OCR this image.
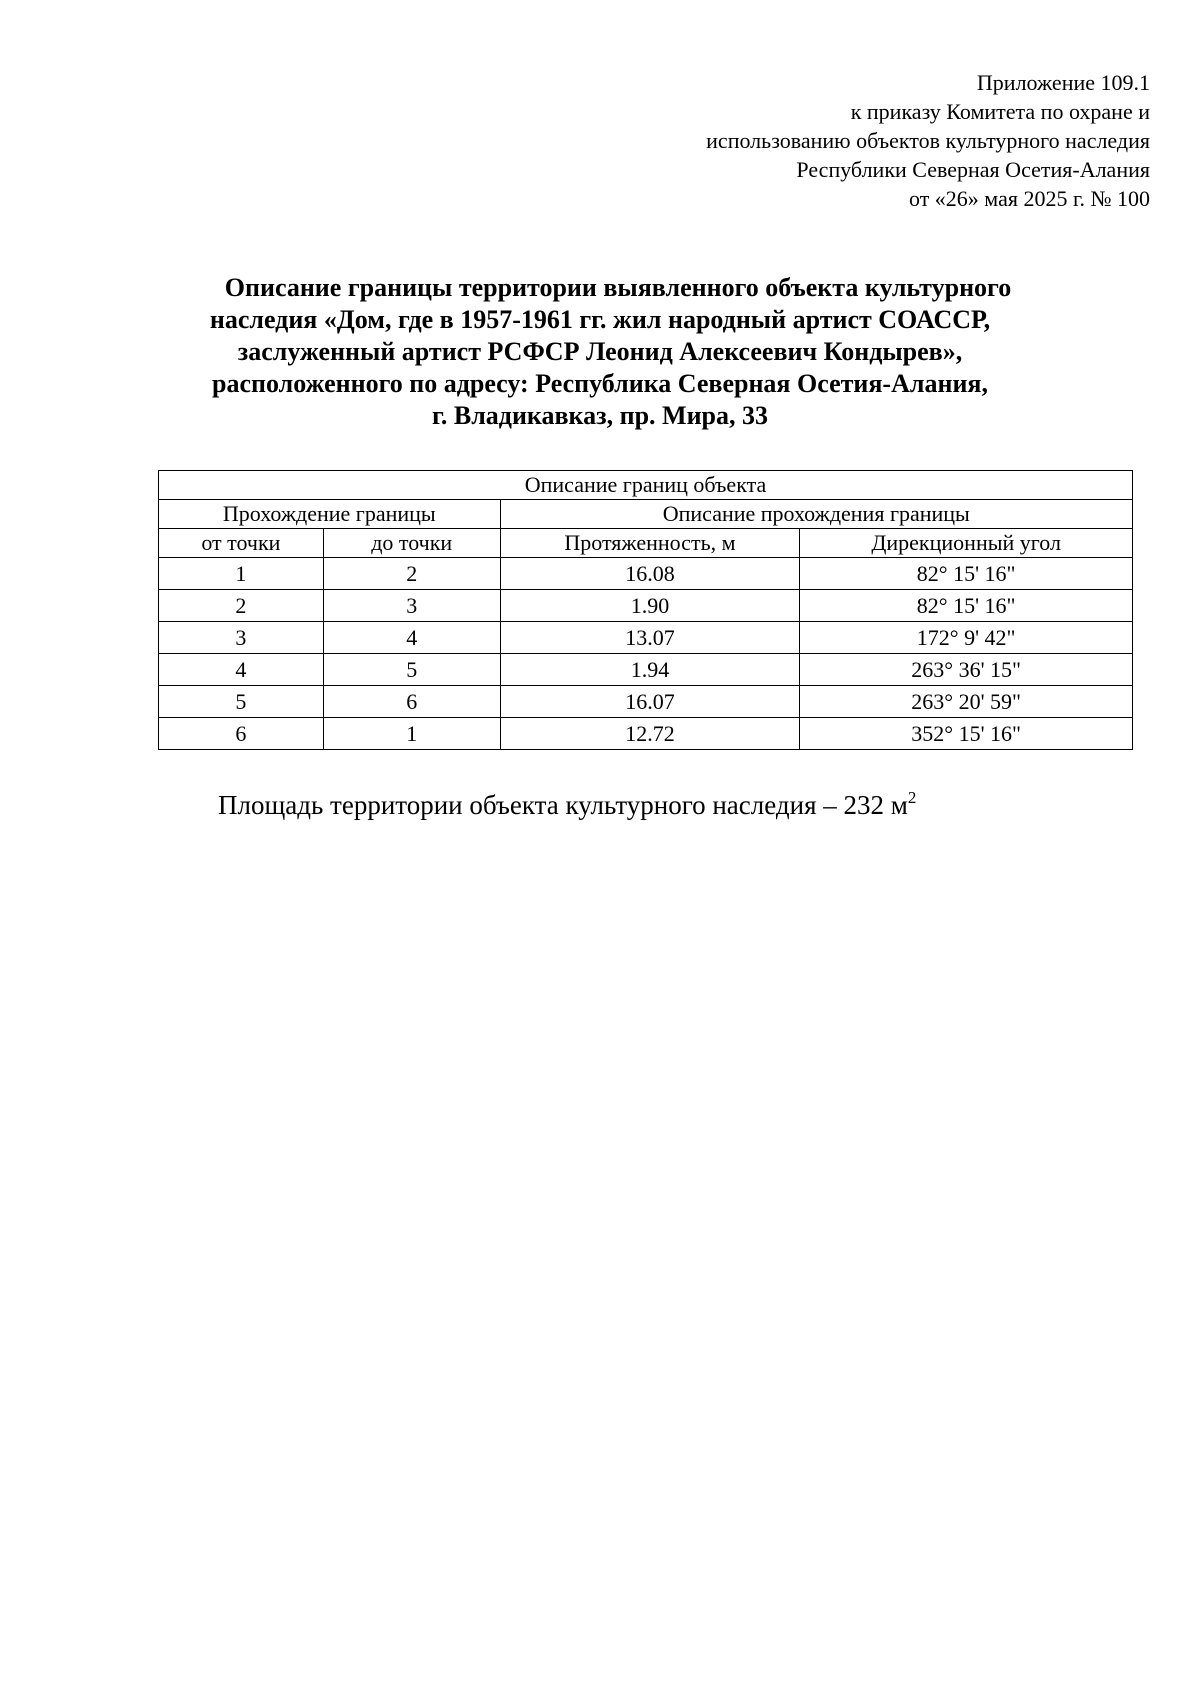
Приложение 109.1
к приказу Комитета по охране и
использованию объектов культурного наследия
Республики Северная Осетия-Алания
от «26» мая 2025 г. № 100
Описание границы территории выявленного объекта культурного
наследия «Дом, где в 1957-1961 гг. жил народный артист СОАССР,
заслуженный артист РСФСР Леонид Алексеевич Кондырев»,
расположенного по адресу: Республика Северная Осетия-Алания,
г. Владикавказ, пр. Мира, 33
Описание границ объекта			
Прохождение границы		Описание прохождения границы	
от точки	до точки	Протяженность, м	Дирекционный угол
1	2	16.08	82° 15' 16"
2	3	1.90	82° 15' 16"
3	4	13.07	172° 9' 42"
4	5	1.94	263° 36' 15"
5	6	16.07	263° 20' 59"
6	1	12.72	352° 15' 16"
Площадь территории объекта культурного наследия – 232 $м^2$
